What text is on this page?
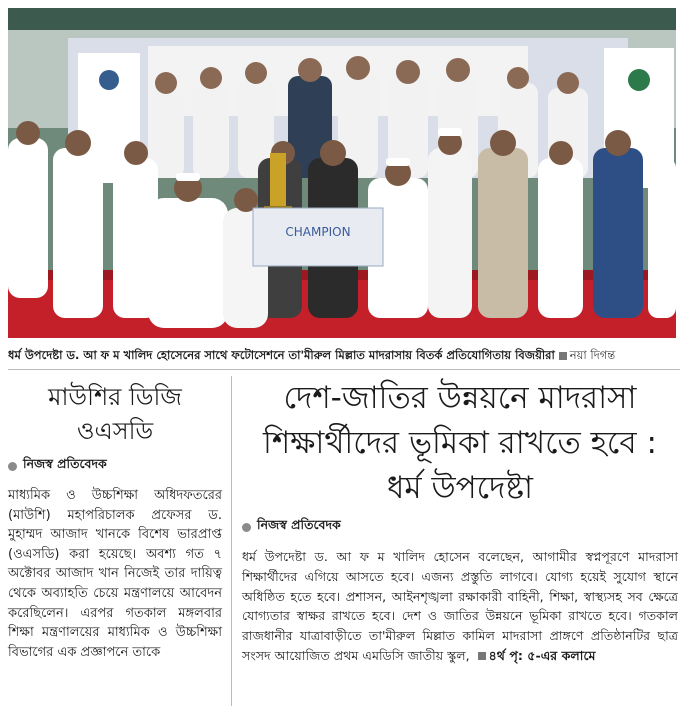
CHAMPION
ধর্ম উপদেষ্টা ড. আ ফ ম খালিদ হোসেনের সাথে ফটোসেশনে তা'মীরুল মিল্লাত মাদরাসায় বিতর্ক প্রতিযোগিতায় বিজয়ীরা নয়া দিগন্ত
মাউশির ডিজি ওএসডি
নিজস্ব প্রতিবেদক

মাধ্যমিক ও উচ্চশিক্ষা অধিদফতরের (মাউশি) মহাপরিচালক প্রফেসর ড. মুহাম্মদ আজাদ খানকে বিশেষ ভারপ্রাপ্ত (ওএসডি) করা হয়েছে। অবশ্য গত ৭ অক্টোবর আজাদ খান নিজেই তার দায়িত্ব থেকে অব্যাহতি চেয়ে মন্ত্রণালয়ে আবেদন করেছিলেন। এরপর গতকাল মঙ্গলবার শিক্ষা মন্ত্রণালয়ের মাধ্যমিক ও উচ্চশিক্ষা বিভাগের এক প্রজ্ঞাপনে তাকে

দেশ-জাতির উন্নয়নে মাদরাসা শিক্ষার্থীদের ভূমিকা রাখতে হবে : ধর্ম উপদেষ্টা
নিজস্ব প্রতিবেদক

ধর্ম উপদেষ্টা ড. আ ফ ম খালিদ হোসেন বলেছেন, আগামীর স্বপ্নপূরণে মাদরাসা শিক্ষার্থীদের এগিয়ে আসতে হবে। এজন্য প্রস্তুতি লাগবে। যোগ্য হয়েই সুযোগ স্থানে অধিষ্ঠিত হতে হবে। প্রশাসন, আইনশৃঙ্খলা রক্ষাকারী বাহিনী, শিক্ষা, স্বাস্থ্যসহ সব ক্ষেত্রে যোগ্যতার স্বাক্ষর রাখতে হবে। দেশ ও জাতির উন্নয়নে ভূমিকা রাখতে হবে। গতকাল রাজধানীর যাত্রাবাড়ীতে তা'মীরুল মিল্লাত কামিল মাদরাসা প্রাঙ্গণে প্রতিষ্ঠানটির ছাত্র সংসদ আয়োজিত প্রথম এমডিসি জাতীয় স্কুল, ৪র্থ পৃ: ৫-এর কলামে
